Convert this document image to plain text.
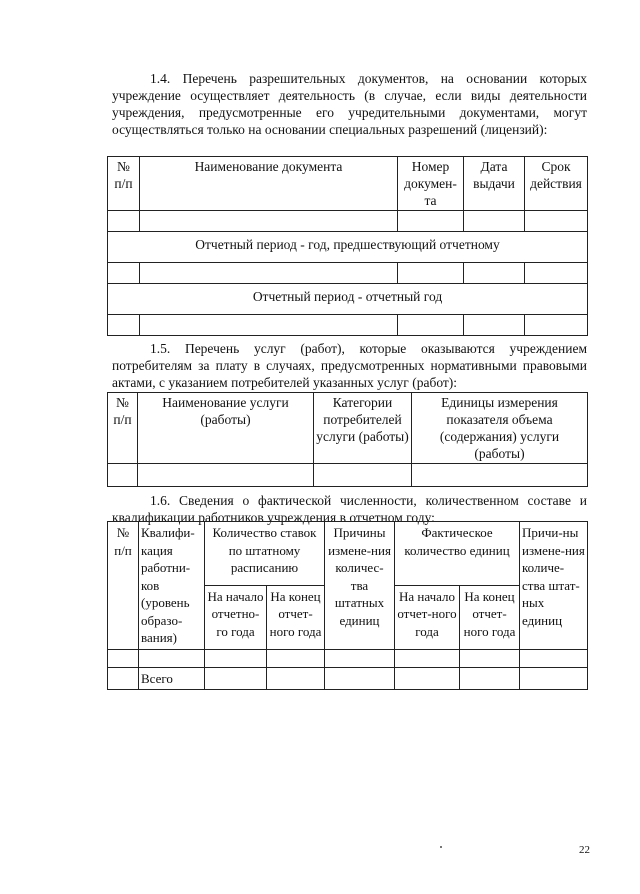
1.4. Перечень разрешительных документов, на основании которых учреждение осуществляет деятельность (в случае, если виды деятельности учреждения, предусмотренные его учредительными документами, могут осуществляться только на основании специальных разрешений (лицензий):
№ п/п	Наименование документа	Номер докумен-та	Дата выдачи	Срок действия

Отчетный период - год, предшествующий отчетному				

Отчетный период - отчетный год				

1.5. Перечень услуг (работ), которые оказываются учреждением потребителям за плату в случаях, предусмотренных нормативными правовыми актами, с указанием потребителей указанных услуг (работ):
№ п/п	Наименование услуги (работы)	Категории потребителей услуги (работы)	Единицы измерения показателя объема (содержания) услуги (работы)

1.6. Сведения о фактической численности, количественном составе и квалификации работников учреждения в отчетном году:
№ п/п	Квалифи-кация работни-ков (уровень образо-вания)	Количество ставок по штатному расписанию		Причины измене-ния количес-тва штатных единиц	Фактическое количество единиц		Причи-ны измене-ния количе-ства штат-ных единиц
		На начало отчетно-го года	На конец отчет-ного года		На начало отчет-ного года	На конец отчет-ного года	

	Всего						
22
